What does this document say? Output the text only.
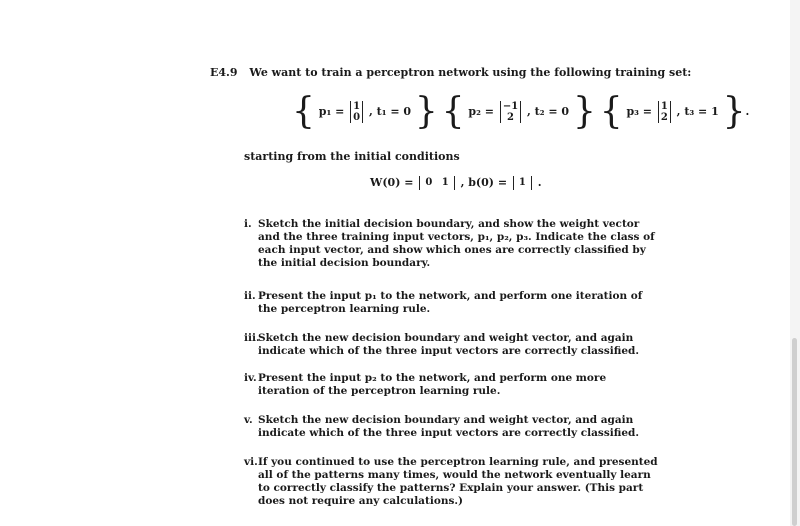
E4.9 We want to train a perceptron network using the following training set:
{ p₁ = 1
0 , t₁ = 0 } { p₂ = −1
2	, t₂ = 0 } { p₃ = 1
2 , t₃ = 1 }.
starting from the initial conditions
W(0) = 0 1 , b(0) = 1 .
i. Sketch the initial decision boundary, and show the weight vector and the three training input vectors, p₁, p₂, p₃. Indicate the class of each input vector, and show which ones are correctly classified by the initial decision boundary.
ii. Present the input p₁ to the network, and perform one iteration of the perceptron learning rule.
iii.
Sketch the new decision boundary and weight vector, and again indicate which of the three input vectors are correctly classified.
iv. Present the input p₂ to the network, and perform one more iteration of the perceptron learning rule.
v. Sketch the new decision boundary and weight vector, and again indicate which of the three input vectors are correctly classified.
vi. If you continued to use the perceptron learning rule, and presented all of the patterns many times, would the network eventually learn to correctly classify the patterns? Explain your answer. (This part does not require any calculations.)
